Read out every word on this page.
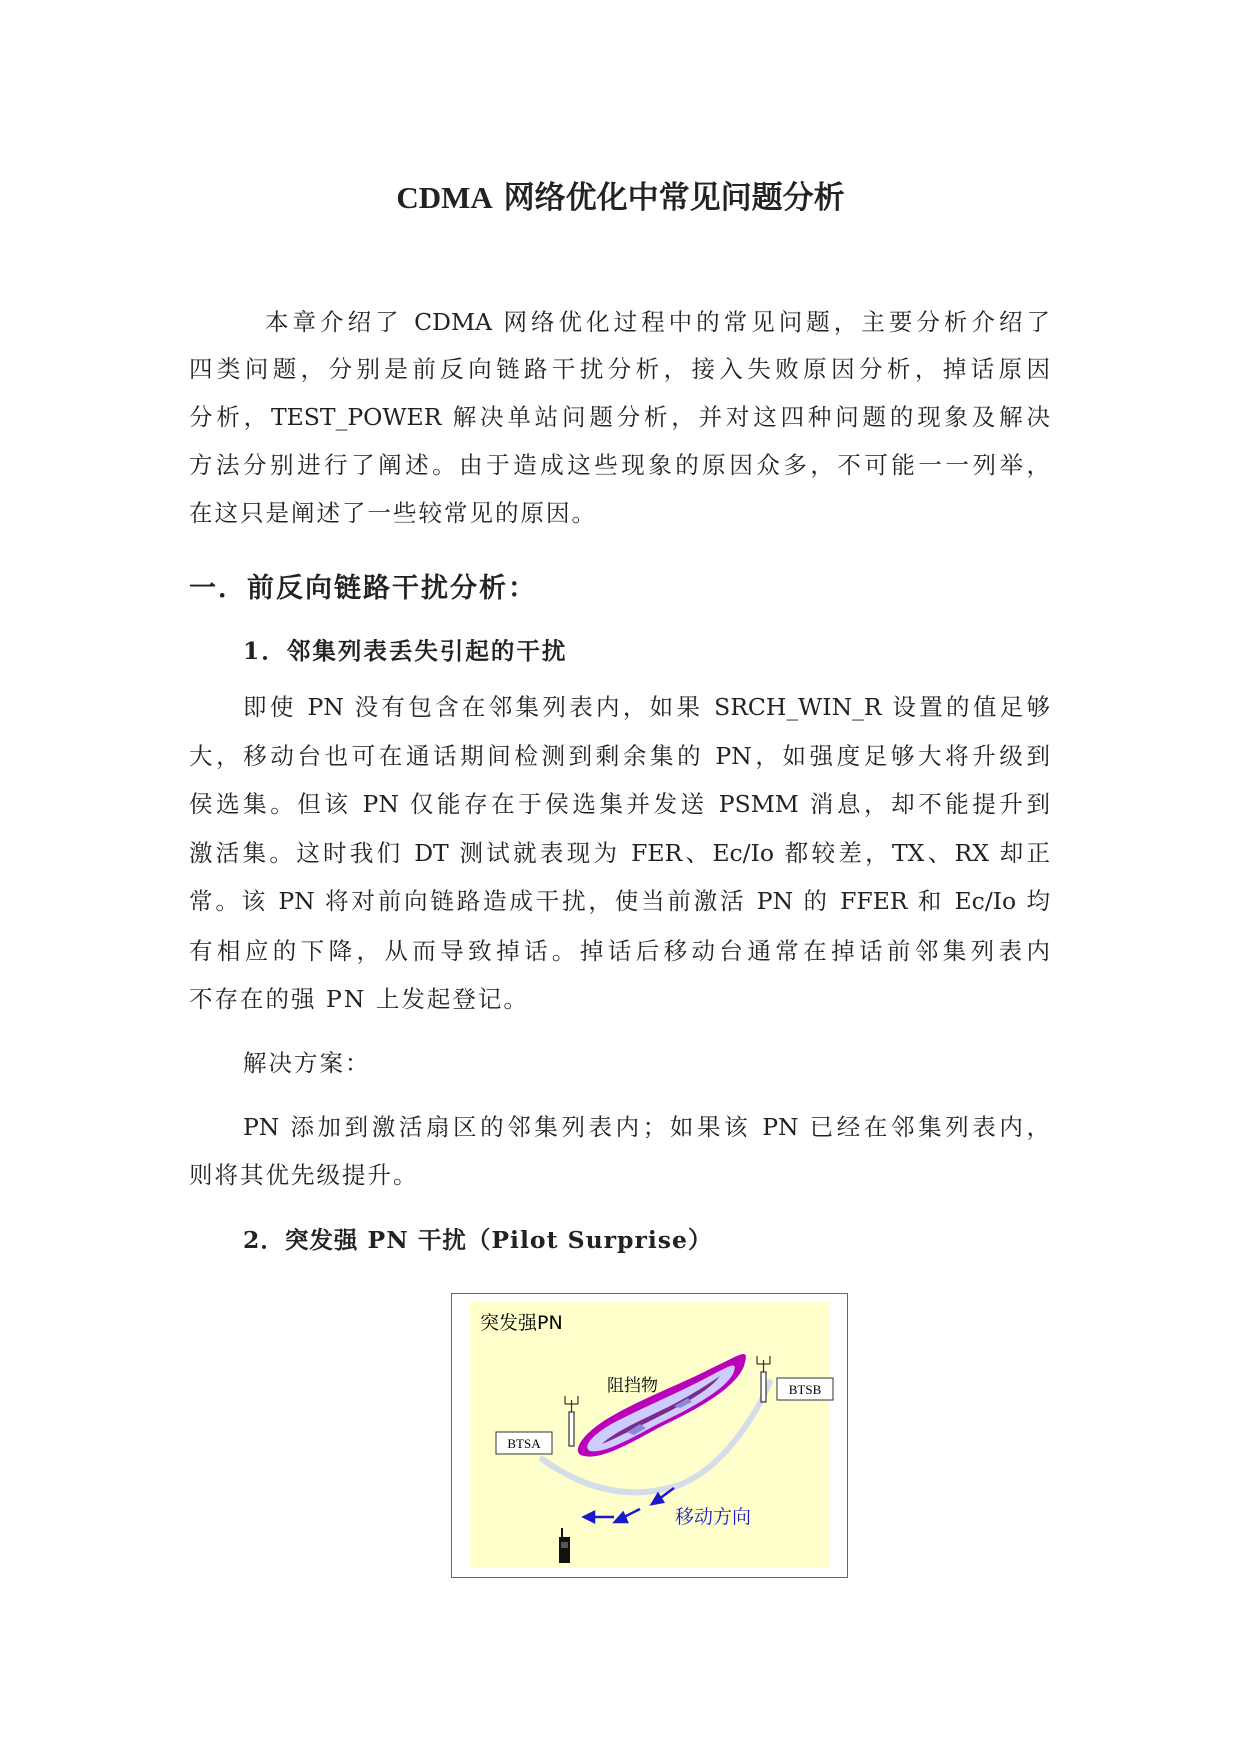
CDMA 网络优化中常见问题分析

本章介绍了 CDMA 网络优化过程中的常见问题，主要分析介绍了

四类问题，分别是前反向链路干扰分析，接入失败原因分析，掉话原因

分析，TEST_POWER 解决单站问题分析，并对这四种问题的现象及解决

方法分别进行了阐述。由于造成这些现象的原因众多，不可能一一列举，

在这只是阐述了一些较常见的原因。

一．前反向链路干扰分析：
1．邻集列表丢失引起的干扰

即使 PN 没有包含在邻集列表内，如果 SRCH_WIN_R 设置的值足够

大，移动台也可在通话期间检测到剩余集的 PN，如强度足够大将升级到

侯选集。但该 PN 仅能存在于侯选集并发送 PSMM 消息，却不能提升到

激活集。这时我们 DT 测试就表现为 FER、Ec/Io 都较差，TX、RX 却正

常。该 PN 将对前向链路造成干扰，使当前激活 PN 的 FFER 和 Ec/Io 均

有相应的下降，从而导致掉话。掉话后移动台通常在掉话前邻集列表内

不存在的强 PN 上发起登记。

解决方案：

PN 添加到激活扇区的邻集列表内；如果该 PN 已经在邻集列表内，

则将其优先级提升。

2．突发强 PN 干扰（Pilot Surprise）
BTSA
BTSB
突发强PN
阻挡物
移动方向
